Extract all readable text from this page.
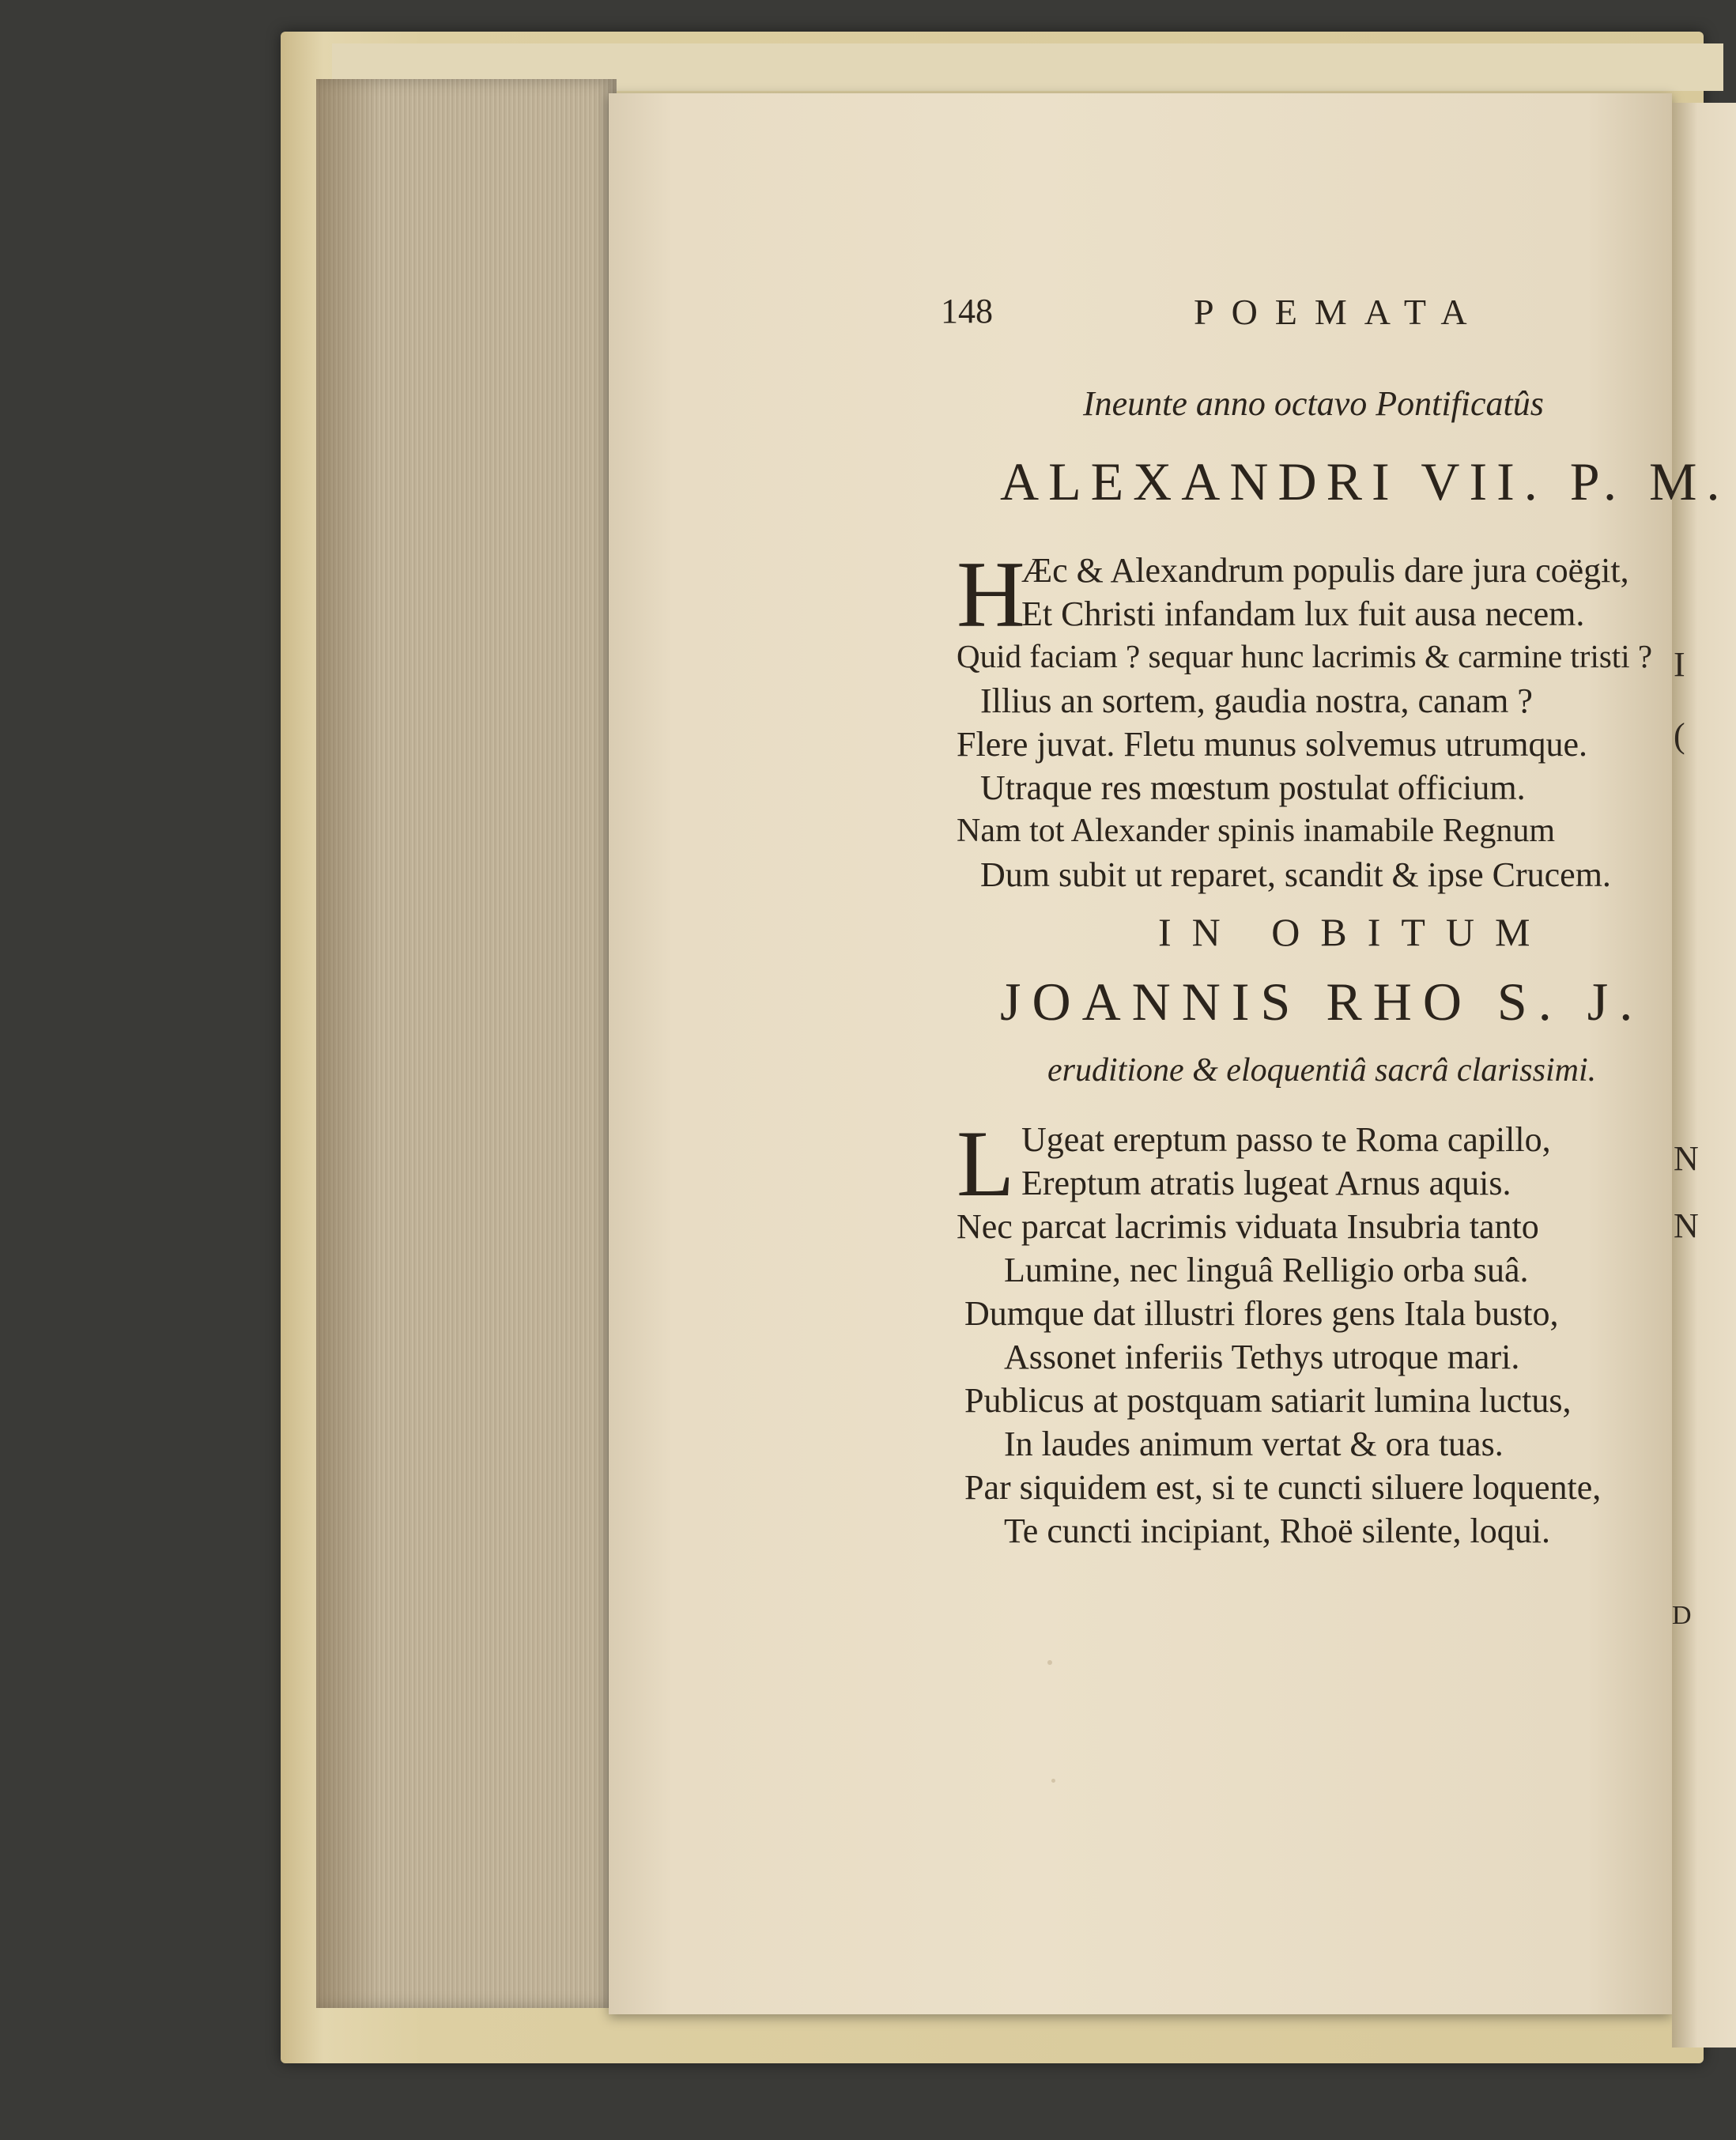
I
(
N
N
D
148	POEMATA
Ineunte anno octavo Pontificatûs
ALEXANDRI VII. P. M.
H
Æc & Alexandrum populis dare jura coëgit,
Et Christi infandam lux fuit ausa necem.
Quid faciam ? sequar hunc lacrimis & carmine tristi ?
Illius an sortem, gaudia nostra, canam ?
Flere juvat. Fletu munus solvemus utrumque.
Utraque res mœstum postulat officium.
Nam tot Alexander spinis inamabile Regnum
Dum subit ut reparet, scandit & ipse Crucem.
IN OBITUM
JOANNIS RHO S. J.
eruditione & eloquentiâ sacrâ clarissimi.
L Ugeat ereptum passo te Roma capillo,
Ereptum atratis lugeat Arnus aquis.
Nec parcat lacrimis viduata Insubria tanto
Lumine, nec linguâ Relligio orba suâ.
Dumque dat illustri flores gens Itala busto,
Assonet inferiis Tethys utroque mari.
Publicus at postquam satiarit lumina luctus,
In laudes animum vertat & ora tuas.
Par siquidem est, si te cuncti siluere loquente,
Te cuncti incipiant, Rhoë silente, loqui.
